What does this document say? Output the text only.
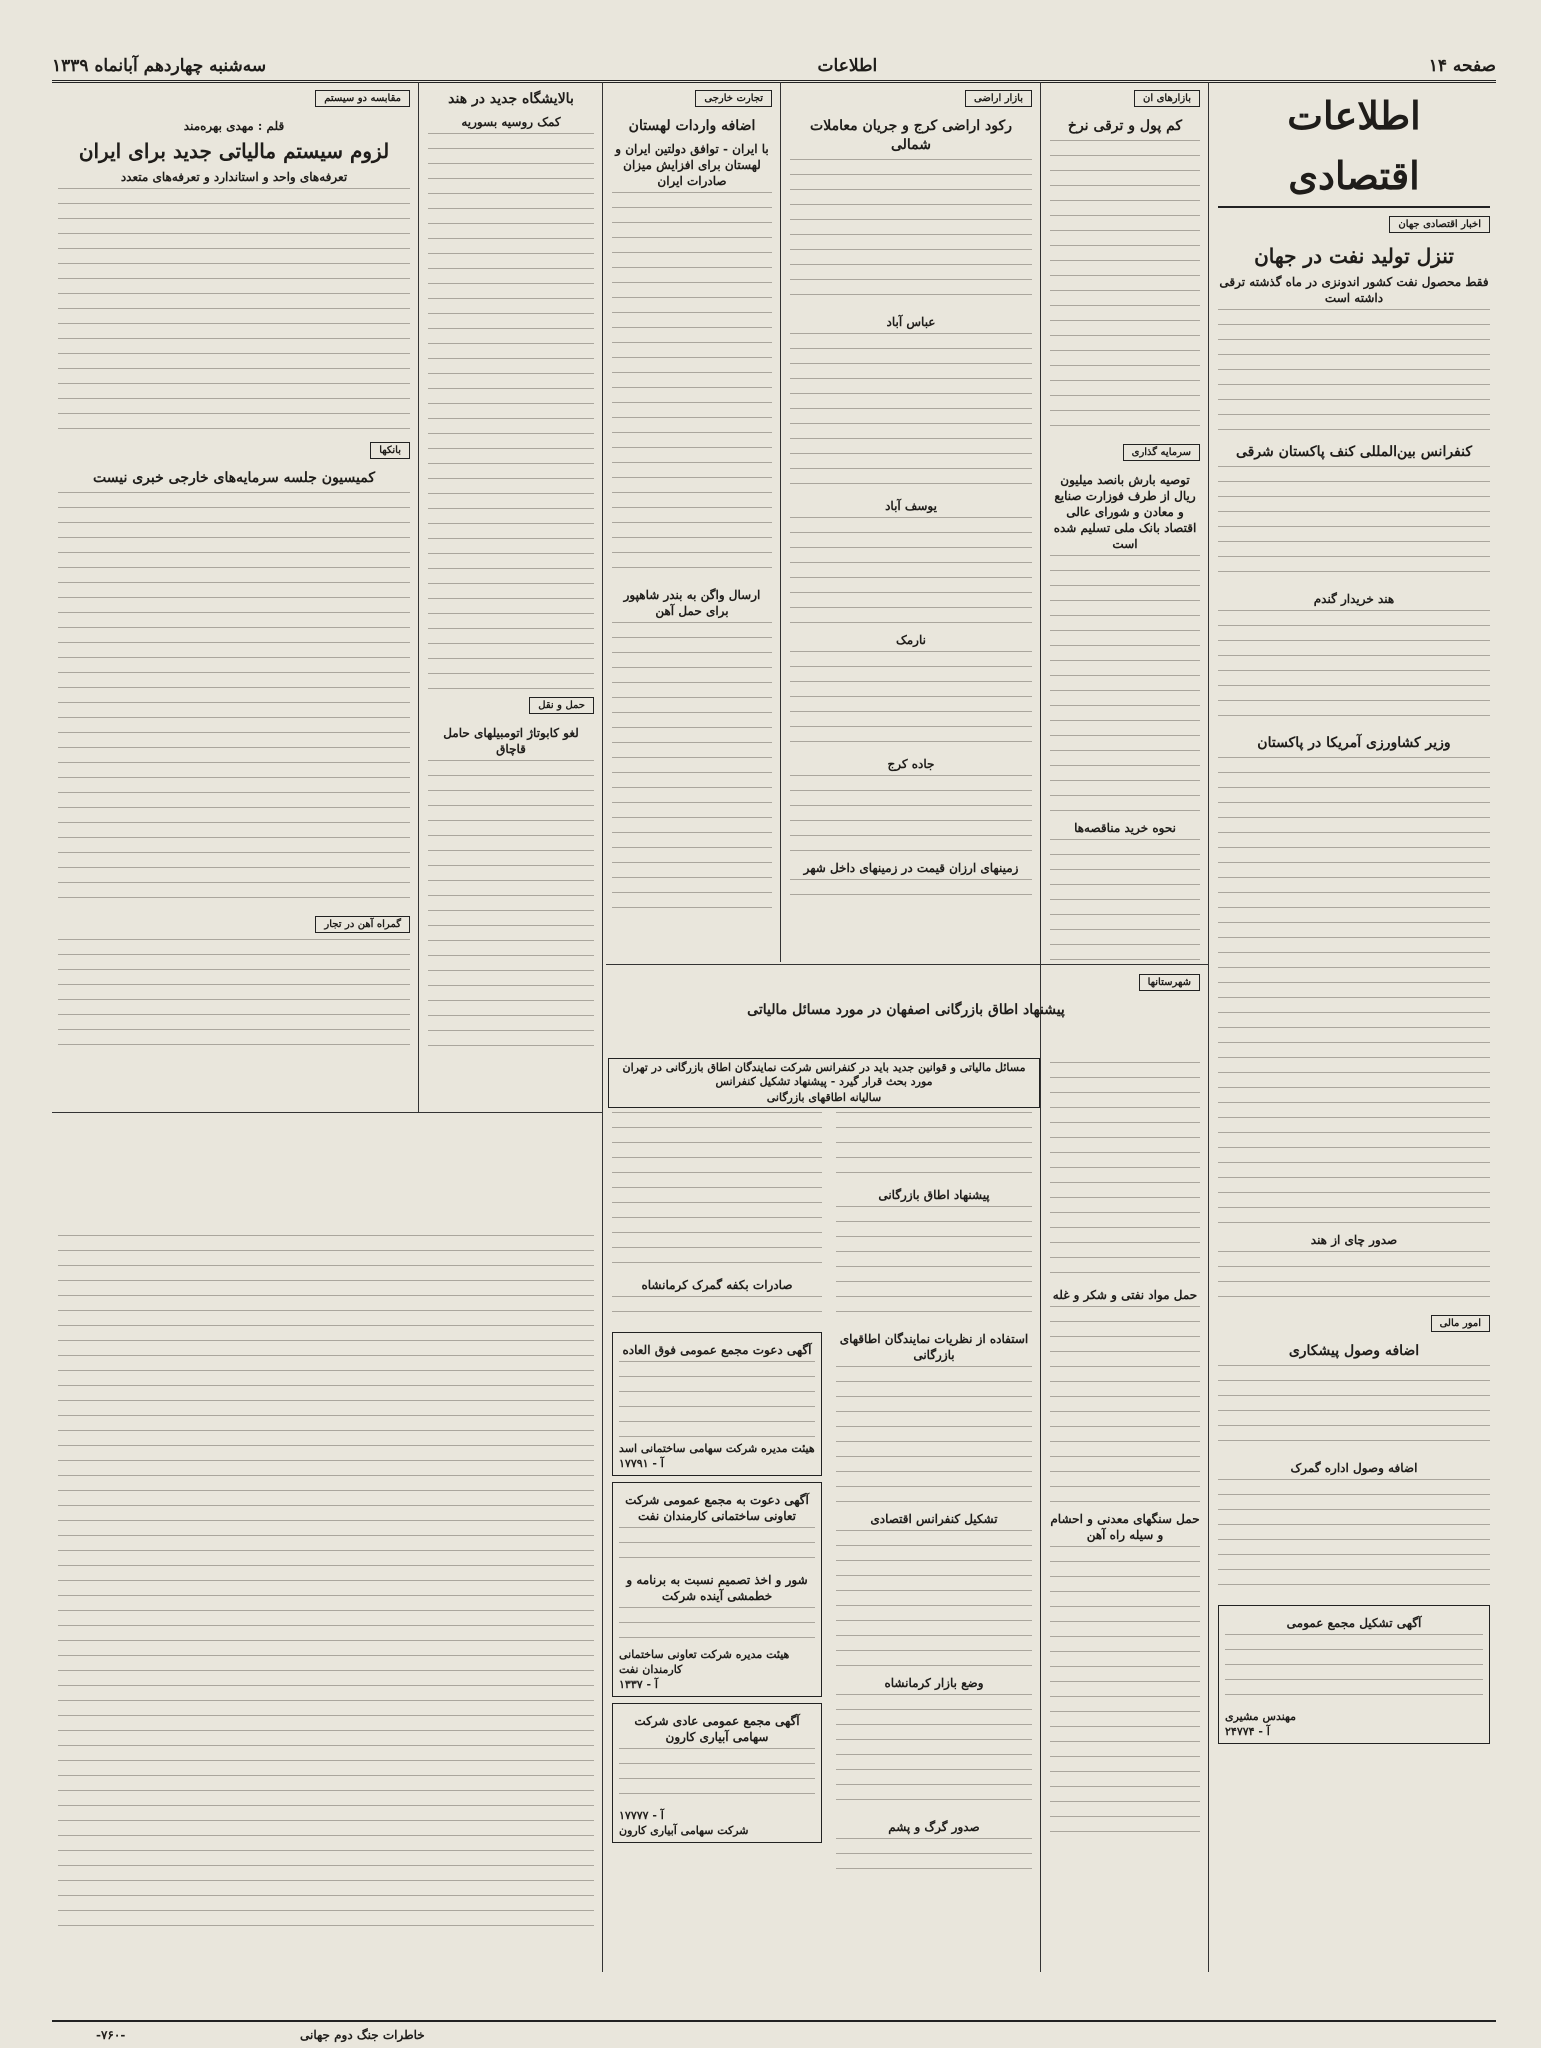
صفحه ۱۴
اطلاعات
سه‌شنبه چهاردهم آبانماه ۱۳۳۹
اطلاعات اقتصادی
اخبار اقتصادی جهان
تنزل تولید نفت در جهان
فقط محصول نفت کشور اندونزی در ماه گذشته ترقی داشته است
کنفرانس بین‌المللی کنف پاکستان شرقی
هند خریدار گندم
وزیر کشاورزی آمریکا در پاکستان
صدور چای از هند
امور مالی
اضافه وصول پیشکاری
اضافه وصول اداره گمرک
آگهی تشکیل مجمع عمومی
مهندس مشیری
آ - ۲۴۷۷۴
بازارهای ان
کم پول و ترقی نرخ
سرمایه گذاری
توصیه بارش بانصد میلیون ریال از طرف فوزارت صنایع و معادن و شورای عالی اقتصاد بانک ملی تسلیم شده است
نحوه خرید مناقصه‌ها
بازار اراضی
رکود اراضی کرج و جریان معاملات شمالی
عباس آباد
یوسف آباد
نارمک
جاده کرج
زمینهای ارزان قیمت در زمینهای داخل شهر
تجارت خارجی
اضافه واردات لهستان
با ایران - توافق دولتین ایران و لهستان برای افزایش میزان صادرات ایران
ارسال واگن به بندر شاهپور برای حمل آهن
بالایشگاه جدید در هند
کمک روسیه بسوریه
حمل و نقل
لغو کابوتاژ اتومبیلهای حامل قاچاق
مقابسه دو سیستم
قلم : مهدی بهره‌مند
لزوم سیستم مالیاتی جدید برای ایران
تعرفه‌های واحد و استاندارد و تعرفه‌های متعدد
بانکها
کمیسیون جلسه سرمایه‌های خارجی خبری نیست
گمراه آهن در تجار
شهرستانها
پیشنهاد اطاق بازرگانی اصفهان در مورد مسائل مالیاتی
مسائل مالیاتی و قوانین جدید باید در کنفرانس شرکت نمایندگان اطاق بازرگانی در تهران مورد بحث قرار گیرد - پیشنهاد تشکیل کنفرانس
سالیانه اطاقهای بازرگانی
حمل مواد نفتی و شکر و غله
حمل سنگهای معدنی و احشام و سیله راه آهن
پیشنهاد اطاق بازرگانی
استفاده از نظریات نمایندگان اطاقهای بازرگانی
تشکیل کنفرانس اقتصادی
وضع بازار کرمانشاه
صدور گرگ و پشم
صادرات بکفه گمرک کرمانشاه
آگهی دعوت مجمع عمومی فوق العاده
هیئت مدیره شرکت سهامی ساختمانی اسد
آ - ۱۷۷۹۱
آگهی دعوت به مجمع عمومی شرکت تعاونی ساختمانی کارمندان نفت
شور و اخذ تصمیم نسبت به برنامه و خطمشی آینده شرکت
هیئت مدیره شرکت تعاونی ساختمانی کارمندان نفت
آ - ۱۳۳۷
آگهی مجمع عمومی عادی شرکت سهامی آبیاری کارون
آ - ۱۷۷۷۷
شرکت سهامی آبیاری کارون
خاطرات جنگ دوم جهانی
-۷۶۰-
